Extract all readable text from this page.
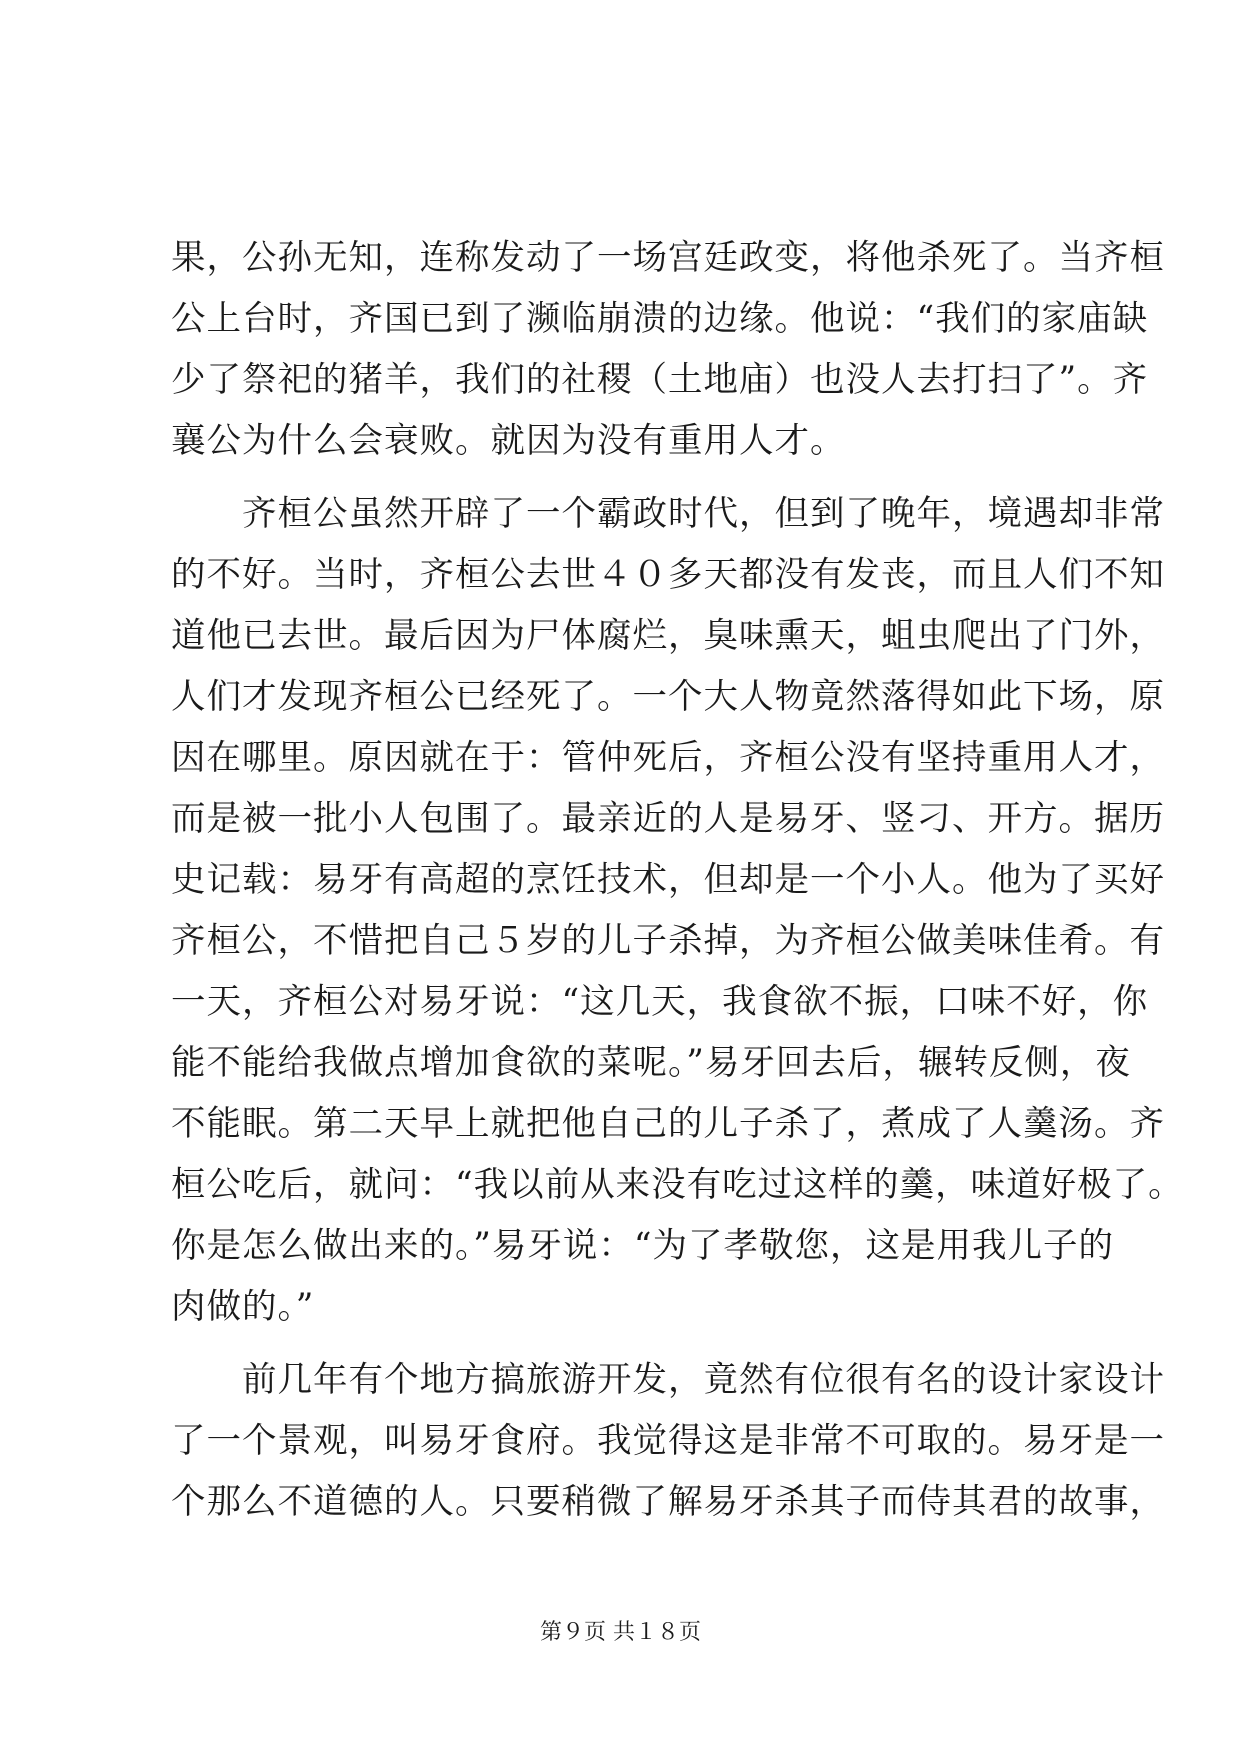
果，公孙无知，连称发动了一场宫廷政变，将他杀死了。当齐桓
公上台时，齐国已到了濒临崩溃的边缘。他说：“我们的家庙缺
少了祭祀的猪羊，我们的社稷（土地庙）也没人去打扫了”。齐
襄公为什么会衰败。就因为没有重用人才。
　　齐桓公虽然开辟了一个霸政时代，但到了晚年，境遇却非常
的不好。当时，齐桓公去世４０多天都没有发丧，而且人们不知
道他已去世。最后因为尸体腐烂，臭味熏天，蛆虫爬出了门外，
人们才发现齐桓公已经死了。一个大人物竟然落得如此下场，原
因在哪里。原因就在于：管仲死后，齐桓公没有坚持重用人才，
而是被一批小人包围了。最亲近的人是易牙、竖刁、开方。据历
史记载：易牙有高超的烹饪技术，但却是一个小人。他为了买好
齐桓公，不惜把自己５岁的儿子杀掉，为齐桓公做美味佳肴。有
一天，齐桓公对易牙说：“这几天，我食欲不振，口味不好，你
能不能给我做点增加食欲的菜呢。”易牙回去后，辗转反侧，夜
不能眠。第二天早上就把他自己的儿子杀了，煮成了人羹汤。齐
桓公吃后，就问：“我以前从来没有吃过这样的羹，味道好极了。
你是怎么做出来的。”易牙说：“为了孝敬您，这是用我儿子的
肉做的。”
　　前几年有个地方搞旅游开发，竟然有位很有名的设计家设计
了一个景观，叫易牙食府。我觉得这是非常不可取的。易牙是一
个那么不道德的人。只要稍微了解易牙杀其子而侍其君的故事，
第９页 共１８页
